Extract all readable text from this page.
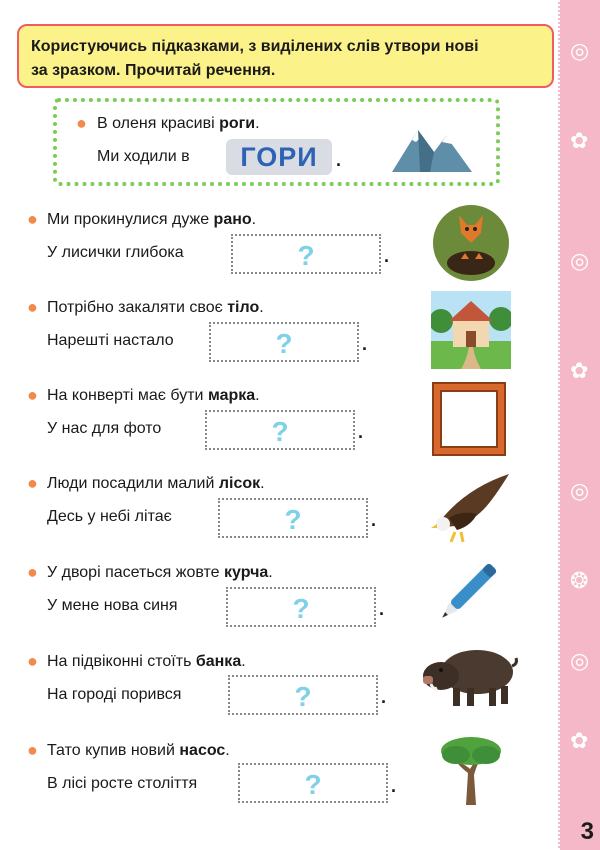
◎
✿
◎
✿
◎
❂
◎
✿
3
Користуючись підказками, з виділених слів утвори нові
за зразком. Прочитай речення.
● В оленя красиві роги.
Ми ходили в	ГОРИ	.
● Ми прокинулися дуже рано.
У лисички глибока	?	.
● Потрібно закаляти своє тіло.
Нарешті настало	?	.
● На конверті має бути марка.
У нас для фото	?	.
● Люди посадили малий лісок.
Десь у небі літає	?	.
● У дворі пасеться жовте курча.
У мене нова синя	?	.
● На підвіконні стоїть банка.
На городі порився	?	.
● Тато купив новий насос.
В лісі росте століття	?	.
